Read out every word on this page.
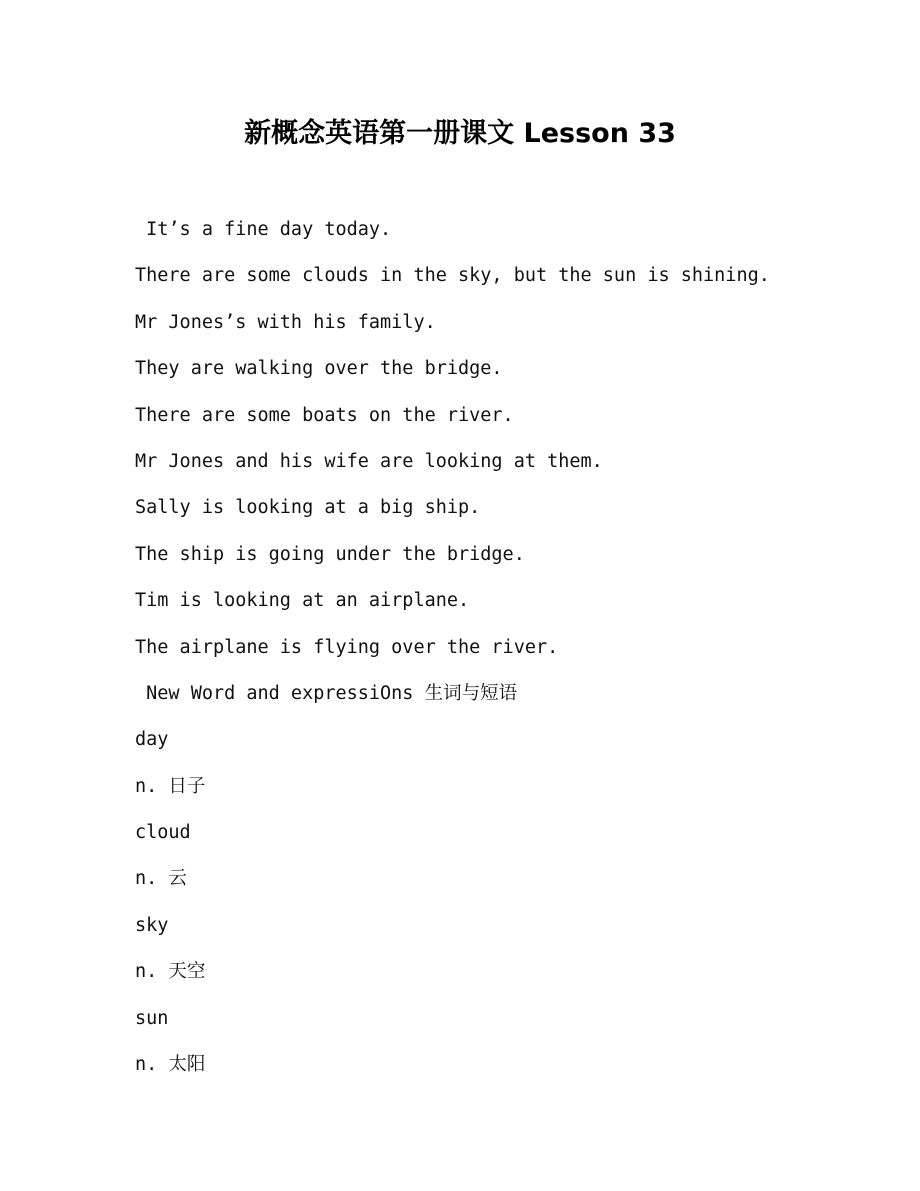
新概念英语第一册课文 Lesson 33
It’s a fine day today.
There are some clouds in the sky, but the sun is shining.
Mr Jones’s with his family.
They are walking over the bridge.
There are some boats on the river.
Mr Jones and his wife are looking at them.
Sally is looking at a big ship.
The ship is going under the bridge.
Tim is looking at an airplane.
The airplane is flying over the river.
New Word and expressiOns 生词与短语
day
n. 日子
cloud
n. 云
sky
n. 天空
sun
n. 太阳
